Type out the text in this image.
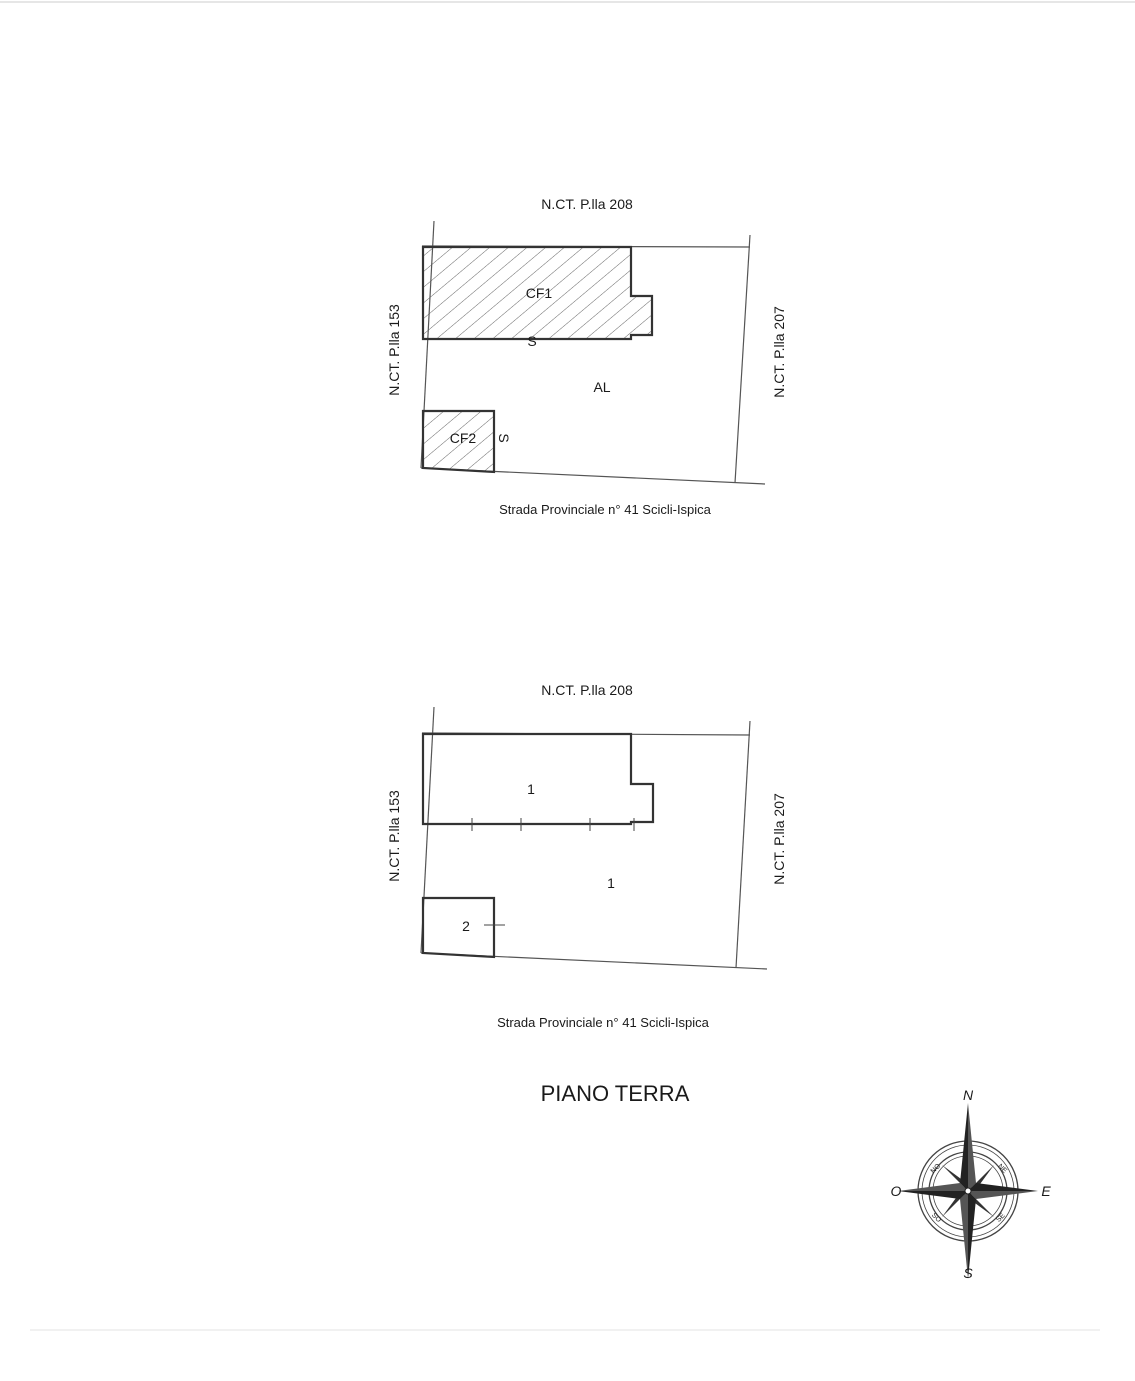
N.CT. P.lla 208
CF1
S
CF2 S
AL
N.CT. P.lla 153	N.CT. P.lla 207
Strada Provinciale n° 41 Scicli-Ispica
N.CT. P.lla 208
1
2
1
N.CT. P.lla 153	N.CT. P.lla 207
Strada Provinciale n° 41 Scicli-Ispica
PIANO TERRA	N
S
E
O
NE
NO
SE
SO
